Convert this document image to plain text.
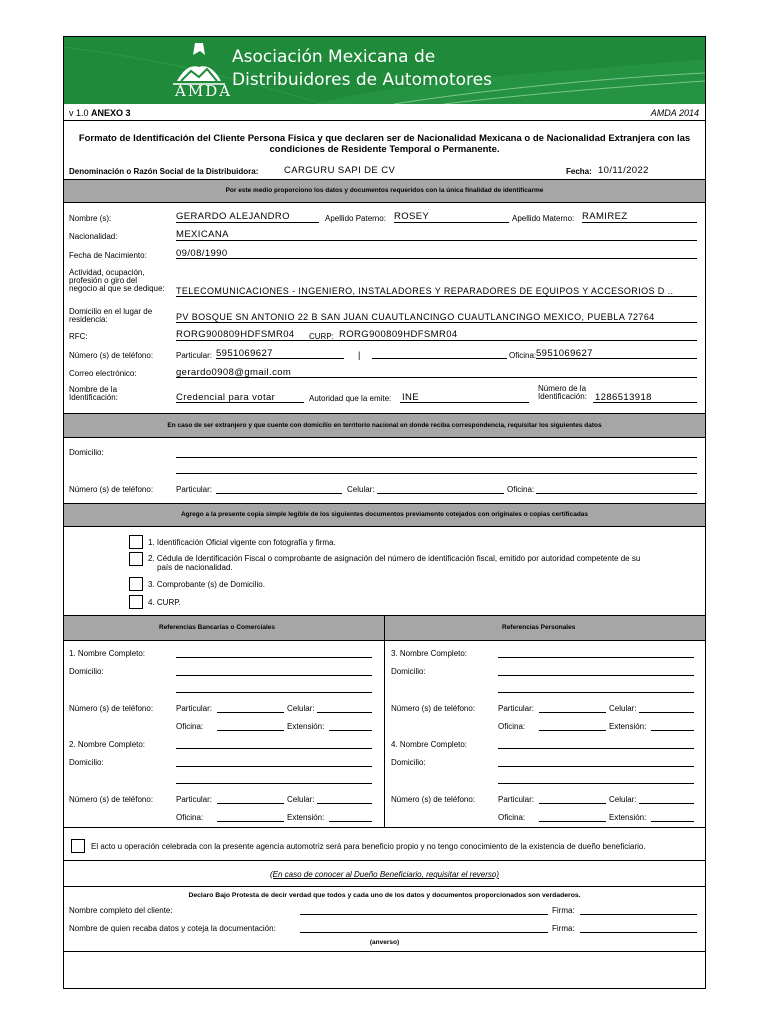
AMDA
Asociación Mexicana de
Distribuidores de Automotores
v 1.0 ANEXO 3	AMDA 2014
Formato de Identificación del Cliente Persona Física y que declaren ser de Nacionalidad Mexicana o de Nacionalidad Extranjera con las condiciones de Residente Temporal o Permanente.
Denominación o Razón Social de la Distribuidora:	CARGURU SAPI DE CV	Fecha: 10/11/2022
Por este medio proporciono los datos y documentos requeridos con la única finalidad de identificarme
Nombre (s):	GERARDO ALEJANDRO	Apellido Paterno: ROSEY	Apellido Materno: RAMIREZ
Nacionalidad:	MEXICANA
Fecha de Nacimiento:	09/08/1990
Actividad, ocupación,
profesión o giro del
negocio al que se dedique: TELECOMUNICACIONES - INGENIERO, INSTALADORES Y REPARADORES DE EQUIPOS Y ACCESORIOS D ..
Domicilio en el lugar de
residencia:	PV BOSQUE SN ANTONIO 22 B SAN JUAN CUAUTLANCINGO CUAUTLANCINGO MEXICO, PUEBLA 72764
RFC:	RORG900809HDFSMR04 CURP: RORG900809HDFSMR04
Número (s) de teléfono:	Particular: 5951069627	|	Oficina: 5951069627
Correo electrónico:	gerardo0908@gmail.com
Nombre de la
Identificación:	Credencial para votar	Autoridad que la emite: INE
Número de la
Identificación: 1286513918
En caso de ser extranjero y que cuente con domicilio en territorio nacional en donde reciba correspondencia, requisitar los siguientes datos
Domicilio:
Número (s) de teléfono:	Particular:	Celular:	Oficina:
Agrego a la presente copia simple legible de los siguientes documentos previamente cotejados con originales o copias certificadas
1. Identificación Oficial vigente con fotografía y firma.
2. Cédula de Identificación Fiscal o comprobante de asignación del número de identificación fiscal, emitido por autoridad competente de su
país de nacionalidad.
3. Comprobante (s) de Domicilio.
4. CURP.
Referencias Bancarias o Comerciales	Referencias Personales
1. Nombre Completo:
Domicilio:
Número (s) de teléfono:	Particular:	Celular:
Oficina:	Extensión:
2. Nombre Completo:
Domicilio:
Número (s) de teléfono:	Particular:	Celular:
Oficina:	Extensión:
3. Nombre Completo:
Domicilio:
Número (s) de teléfono:	Particular:	Celular:
Oficina:	Extensión:
4. Nombre Completo:
Domicilio:
Número (s) de teléfono:	Particular:	Celular:
Oficina:	Extensión:
El acto u operación celebrada con la presente agencia automotriz será para beneficio propio y no tengo conocimiento de la existencia de dueño beneficiario.
(En caso de conocer al Dueño Beneficiario, requisitar el reverso)
Declaro Bajo Protesta de decir verdad que todos y cada uno de los datos y documentos proporcionados son verdaderos.
Nombre completo del cliente:	Firma:
Nombre de quien recaba datos y coteja la documentación:	Firma:
(anverso)
